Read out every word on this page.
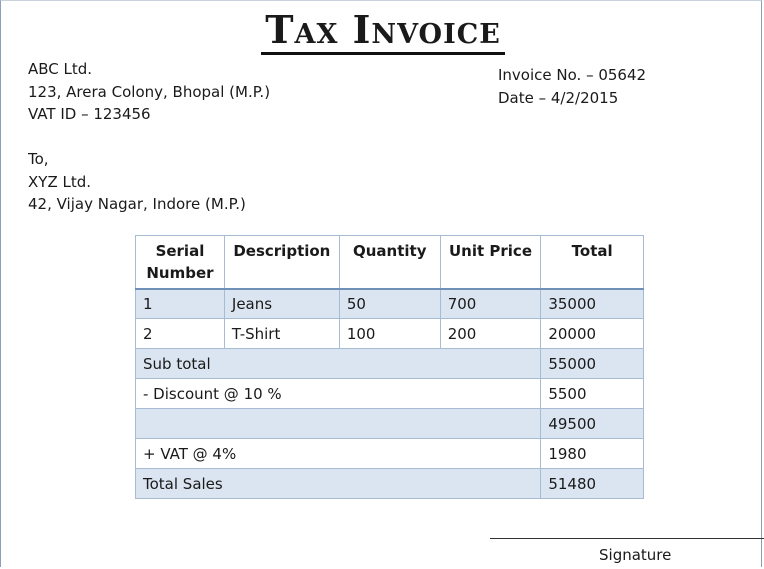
Tax Invoice
ABC Ltd.
123, Arera Colony, Bhopal (M.P.)
VAT ID – 123456
Invoice No. – 05642
Date – 4/2/2015
To,
XYZ Ltd.
42, Vijay Nagar, Indore (M.P.)
Serial Number	Description	Quantity	Unit Price	Total
1	Jeans	50	700	35000
2	T-Shirt	100	200	20000
Sub total				55000
- Discount @ 10 %				5500
				49500
+ VAT @ 4%				1980
Total Sales				51480
Signature
